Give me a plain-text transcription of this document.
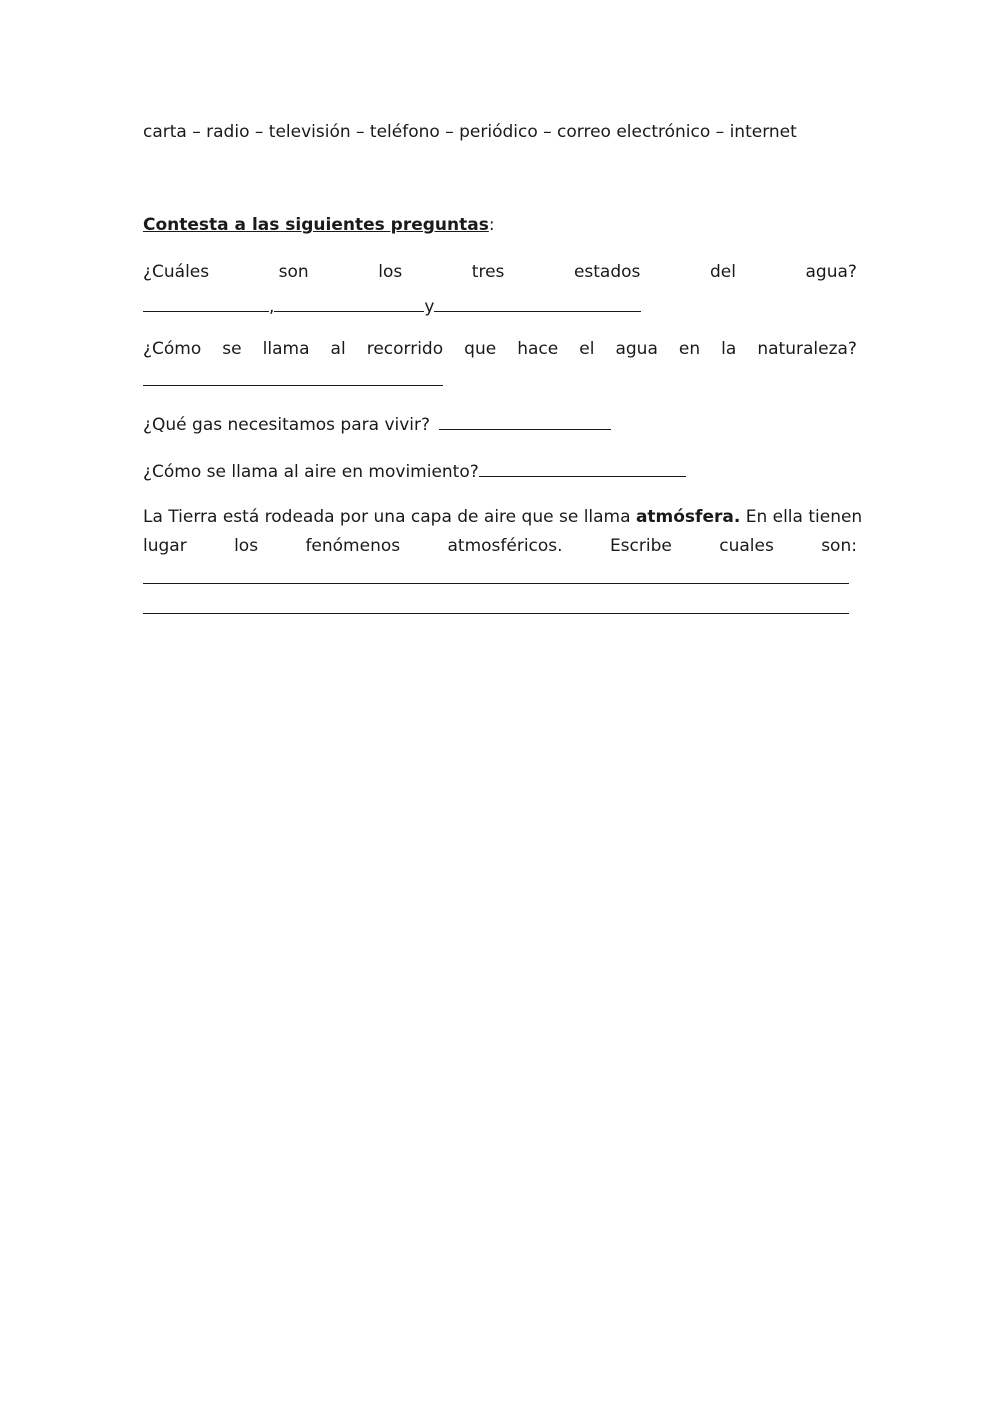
carta – radio – televisión – teléfono – periódico – correo electrónico – internet
Contesta a las siguientes preguntas:
¿Cuáles	son	los	tres	estados	del	agua?
,	y
¿Cómo se llama al recorrido que hace el agua en la naturaleza?
¿Qué gas necesitamos para vivir?
¿Cómo se llama al aire en movimiento?
La Tierra está rodeada por una capa de aire que se llama atmósfera. En ella tienen
lugar	los	fenómenos	atmosféricos.	Escribe	cuales	son:
